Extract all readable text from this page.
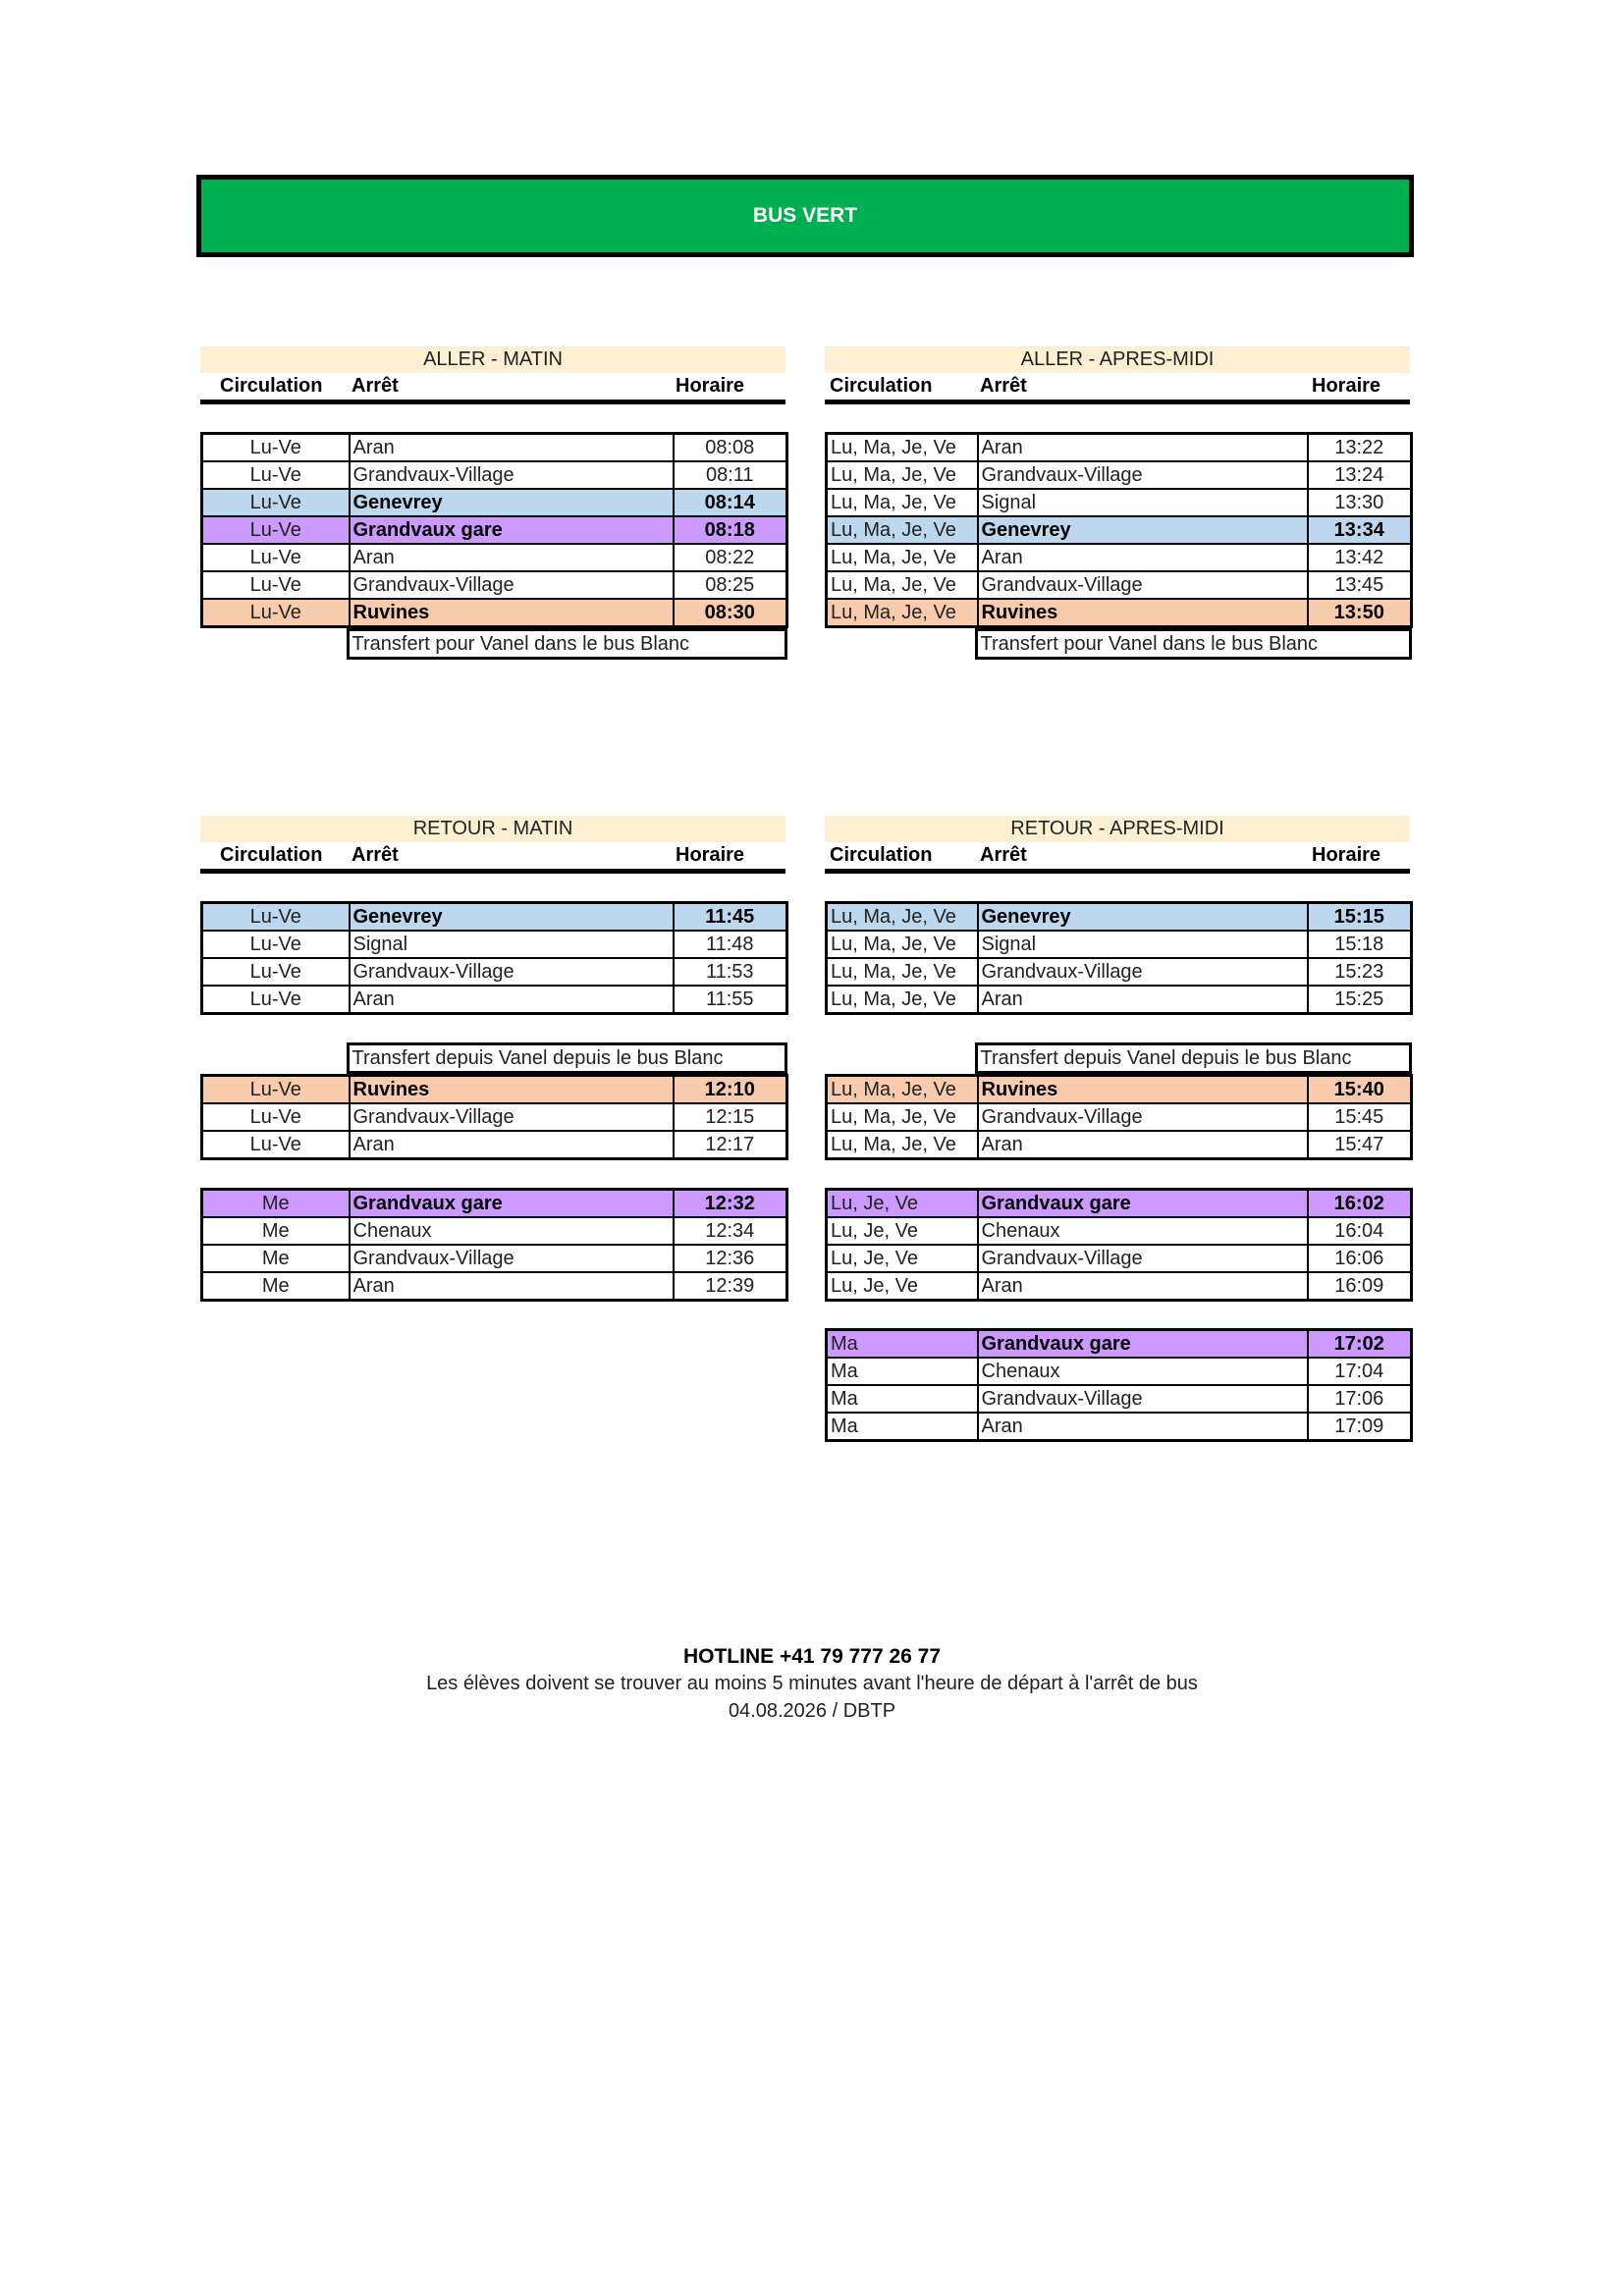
BUS VERT
ALLER - MATIN
Circulation Arrêt	Horaire
Lu-Ve	Aran	08:08
Lu-Ve	Grandvaux-Village	08:11
Lu-Ve	Genevrey	08:14
Lu-Ve	Grandvaux gare	08:18
Lu-Ve	Aran	08:22
Lu-Ve	Grandvaux-Village	08:25
Lu-Ve	Ruvines	08:30
	Transfert pour Vanel dans le bus Blanc
ALLER - APRES-MIDI
Circulation Arrêt	Horaire
Lu, Ma, Je, Ve	Aran	13:22
Lu, Ma, Je, Ve	Grandvaux-Village	13:24
Lu, Ma, Je, Ve	Signal	13:30
Lu, Ma, Je, Ve	Genevrey	13:34
Lu, Ma, Je, Ve	Aran	13:42
Lu, Ma, Je, Ve	Grandvaux-Village	13:45
Lu, Ma, Je, Ve	Ruvines	13:50
	Transfert pour Vanel dans le bus Blanc
RETOUR - MATIN
Circulation Arrêt	Horaire
Lu-Ve	Genevrey	11:45
Lu-Ve	Signal	11:48
Lu-Ve	Grandvaux-Village	11:53
Lu-Ve	Aran	11:55
	Transfert depuis Vanel depuis le bus Blanc
Lu-Ve	Ruvines	12:10
Lu-Ve	Grandvaux-Village	12:15
Lu-Ve	Aran	12:17
Me	Grandvaux gare	12:32
Me	Chenaux	12:34
Me	Grandvaux-Village	12:36
Me	Aran	12:39
RETOUR - APRES-MIDI
Circulation Arrêt	Horaire
Lu, Ma, Je, Ve	Genevrey	15:15
Lu, Ma, Je, Ve	Signal	15:18
Lu, Ma, Je, Ve	Grandvaux-Village	15:23
Lu, Ma, Je, Ve	Aran	15:25
	Transfert depuis Vanel depuis le bus Blanc
Lu, Ma, Je, Ve	Ruvines	15:40
Lu, Ma, Je, Ve	Grandvaux-Village	15:45
Lu, Ma, Je, Ve	Aran	15:47
Lu, Je, Ve	Grandvaux gare	16:02
Lu, Je, Ve	Chenaux	16:04
Lu, Je, Ve	Grandvaux-Village	16:06
Lu, Je, Ve	Aran	16:09
Ma	Grandvaux gare	17:02
Ma	Chenaux	17:04
Ma	Grandvaux-Village	17:06
Ma	Aran	17:09
HOTLINE +41 79 777 26 77
Les élèves doivent se trouver au moins 5 minutes avant l'heure de départ à l'arrêt de bus
04.08.2026 / DBTP
